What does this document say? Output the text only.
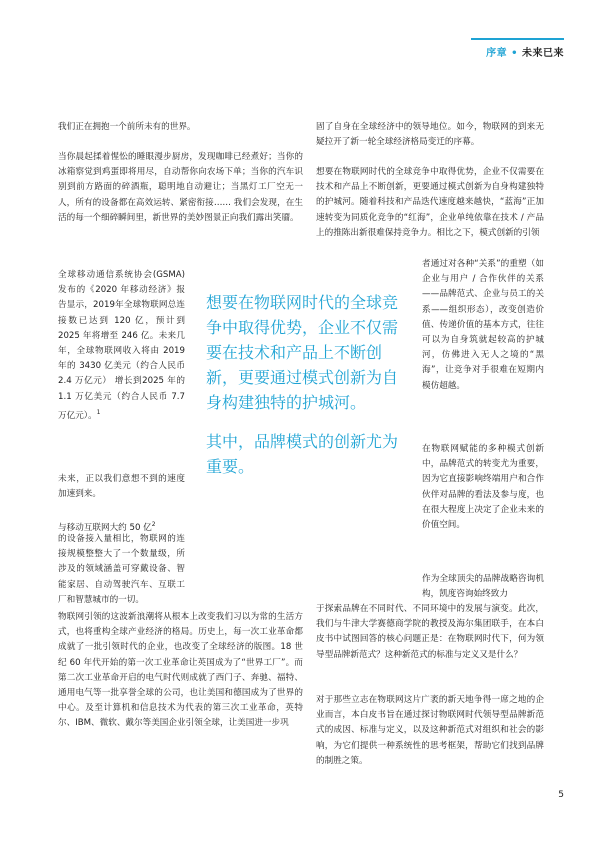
序章 • 未来已来

我们正在拥抱一个前所未有的世界。

当你晨起揉着惺忪的睡眼漫步厨房，发现咖啡已经煮好；当你的冰箱察觉到鸡蛋即将用尽，自动帮你向农场下单；当你的汽车识别到前方路面的碎酒瓶，聪明地自动避让；当黑灯工厂空无一人，所有的设备都在高效运转、紧密衔接…… 我们会发现，在生活的每一个细碎瞬间里，新世界的美妙图景正向我们露出笑靥。

全球移动通信系统协会(GSMA) 发布的《2020 年移动经济》报告显示，2019年全球物联网总连接数已达到 120 亿，预计到 2025 年将增至 246 亿。未来几年，全球物联网收入将由 2019年的 3430 亿美元（约合人民币 2.4 万亿元） 增长到2025 年的 1.1 万亿美元（约合人民币 7.7 万亿元）。$^1$

未来，正以我们意想不到的速度加速到来。

与移动互联网大约 50 亿$^2$

的设备接入量相比，物联网的连接规模整整大了一个数量级，所涉及的领域涵盖可穿戴设备、智能家居、自动驾驶汽车、互联工厂和智慧城市的一切。

物联网引领的这波新浪潮将从根本上改变我们习以为常的生活方式，也将重构全球产业经济的格局。历史上，每一次工业革命都成就了一批引领时代的企业，也改变了全球经济的版图。18 世纪 60 年代开始的第一次工业革命让英国成为了“世界工厂”。而第二次工业革命开启的电气时代则成就了西门子、奔驰、福特、通用电气等一批享誉全球的公司，也让美国和德国成为了世界的中心。及至计算机和信息技术为代表的第三次工业革命，英特尔、IBM、微软、戴尔等美国企业引领全球，让美国进一步巩

想要在物联网时代的全球竞争中取得优势，企业不仅需要在技术和产品上不断创新，更要通过模式创新为自身构建独特的护城河。

其中，品牌模式的创新尤为重要。

固了自身在全球经济中的领导地位。如今，物联网的到来无疑拉开了新一轮全球经济格局变迁的序幕。

想要在物联网时代的全球竞争中取得优势，企业不仅需要在技术和产品上不断创新，更要通过模式创新为自身构建独特的护城河。随着科技和产品迭代速度越来越快，“蓝海”正加速转变为同质化竞争的“红海”，企业单纯依靠在技术 / 产品上的推陈出新很难保持竞争力。相比之下，模式创新的引领

者通过对各种“关系”的重塑（如企业与用户 / 合作伙伴的关系——品牌范式、企业与员工的关系——组织形态），改变创造价值、传递价值的基本方式，往往可以为自身筑就起较高的护城河，仿佛进入无人之境的“黑海”，让竞争对手很难在短期内模仿超越。

在物联网赋能的多种模式创新中，品牌范式的转变尤为重要，因为它直接影响终端用户和合作伙伴对品牌的看法及参与度，也在很大程度上决定了企业未来的价值空间。

作为全球顶尖的品牌战略咨询机构，凯度咨询始终致力

于探索品牌在不同时代、不同环境中的发展与演变。此次，我们与牛津大学赛德商学院的教授及海尔集团联手，在本白皮书中试图回答的核心问题正是：在物联网时代下，何为领导型品牌新范式？这种新范式的标准与定义又是什么？

对于那些立志在物联网这片广袤的新天地争得一席之地的企业而言，本白皮书旨在通过探讨物联网时代领导型品牌新范式的成因、标准与定义，以及这种新范式对组织和社会的影响，为它们提供一种系统性的思考框架，帮助它们找到品牌的制胜之策。

5
